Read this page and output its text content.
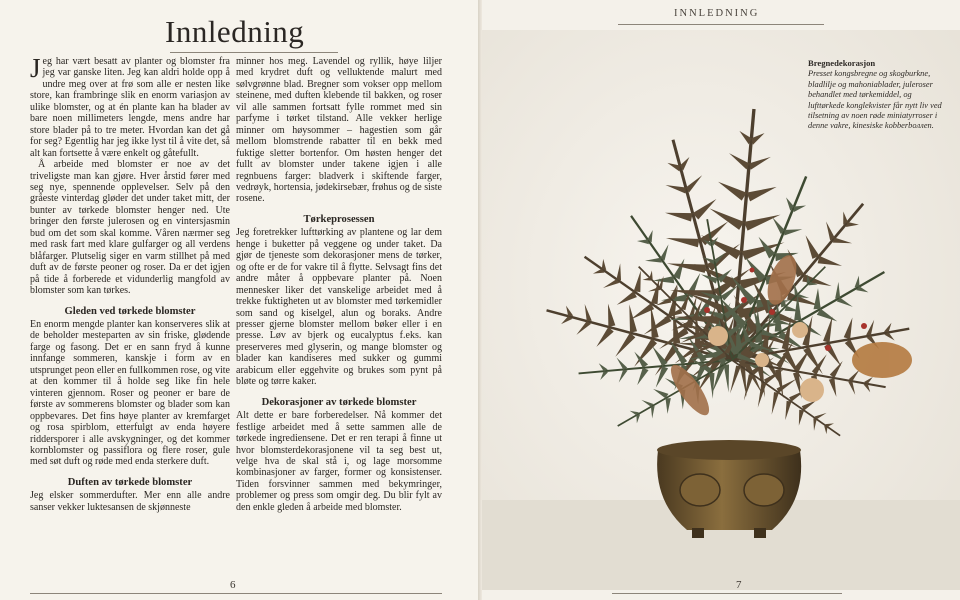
Innledning

Jeg har vært besatt av planter og blomster fra jeg var ganske liten. Jeg kan aldri holde opp å undre meg over at frø som alle er nesten like store, kan frambringe slik en enorm variasjon av ulike blomster, og at én plante kan ha blader av bare noen millimeters lengde, mens andre har store blader på to tre meter. Hvordan kan det gå for seg? Egentlig har jeg ikke lyst til å vite det, så alt kan fortsette å være enkelt og gåtefullt.

Å arbeide med blomster er noe av det triveligste man kan gjøre. Hver årstid fører med seg nye, spennende opplevelser. Selv på den gråeste vinterdag gløder det under taket mitt, der bunter av tørkede blomster henger ned. Ute bringer den første julerosen og en vintersjasmin bud om det som skal komme. Våren nærmer seg med rask fart med klare gulfarger og all verdens blåfarger. Plutselig siger en varm stillhet på med duft av de første peoner og roser. Da er det igjen på tide å forberede et vidunderlig mangfold av blomster som kan tørkes.

Gleden ved tørkede blomster

En enorm mengde planter kan konserveres slik at de beholder mesteparten av sin friske, glødende farge og fasong. Det er en sann fryd å kunne innfange sommeren, kanskje i form av en utsprunget peon eller en fullkommen rose, og vite at den kommer til å holde seg like fin hele vinteren gjennom. Roser og peoner er bare de første av sommerens blomster og blader som kan oppbevares. Det fins høye planter av kremfarget og rosa spirblom, etterfulgt av enda høyere riddersporer i alle avskygninger, og det kommer kornblomster og passiflora og flere roser, gule med søt duft og røde med enda sterkere duft.

Duften av tørkede blomster

Jeg elsker sommerdufter. Mer enn alle andre sanser vekker luktesansen de skjønneste

minner hos meg. Lavendel og ryllik, høye liljer med krydret duft og velluktende malurt med sølvgrønne blad. Bregner som vokser opp mellom steinene, med duften klebende til bakken, og roser vil alle sammen fortsatt fylle rommet med sin parfyme i tørket tilstand. Alle vekker herlige minner om høysommer – hagestien som går mellom blomstrende rabatter til en bekk med fuktige sletter bortenfor. Om høsten henger det fullt av blomster under takene igjen i alle regnbuens farger: bladverk i skiftende farger, vedrøyk, hortensia, jødekirsebær, frøhus og de siste rosene.

Tørkeprosessen

Jeg foretrekker lufttørking av plantene og lar dem henge i buketter på veggene og under taket. Da gjør de tjeneste som dekorasjoner mens de tørker, og ofte er de for vakre til å flytte. Selvsagt fins det andre måter å oppbevare planter på. Noen mennesker liker det vanskelige arbeidet med å trekke fuktigheten ut av blomster med tørkemidler som sand og kiselgel, alun og boraks. Andre presser gjerne blomster mellom bøker eller i en presse. Løv av bjerk og eucalyptus f.eks. kan preserveres med glyserin, og mange blomster og blader kan kandiseres med sukker og gummi arabicum eller eggehvite og brukes som pynt på bløte og tørre kaker.

Dekorasjoner av tørkede blomster

Alt dette er bare forberedelser. Nå kommer det festlige arbeidet med å sette sammen alle de tørkede ingrediensene. Det er ren terapi å finne ut hvor blomsterdekorasjonene vil ta seg best ut, velge hva de skal stå i, og lage morsomme kombinasjoner av farger, former og konsistenser. Tiden forsvinner sammen med bekymringer, problemer og press som omgir deg. Du blir fylt av den enkle gleden å arbeide med blomster.

6
INNLEDNING
Bregnedekorasjon
Presset kongsbregne og skogburkne, bladlilje og mahoniablader, juleroser behandlet med tørkemiddel, og lufttørkede konglekvister får nytt liv ved tilsetning av noen røde miniatyrroser i denne vakre, kinesiske kobberboллen.
7
